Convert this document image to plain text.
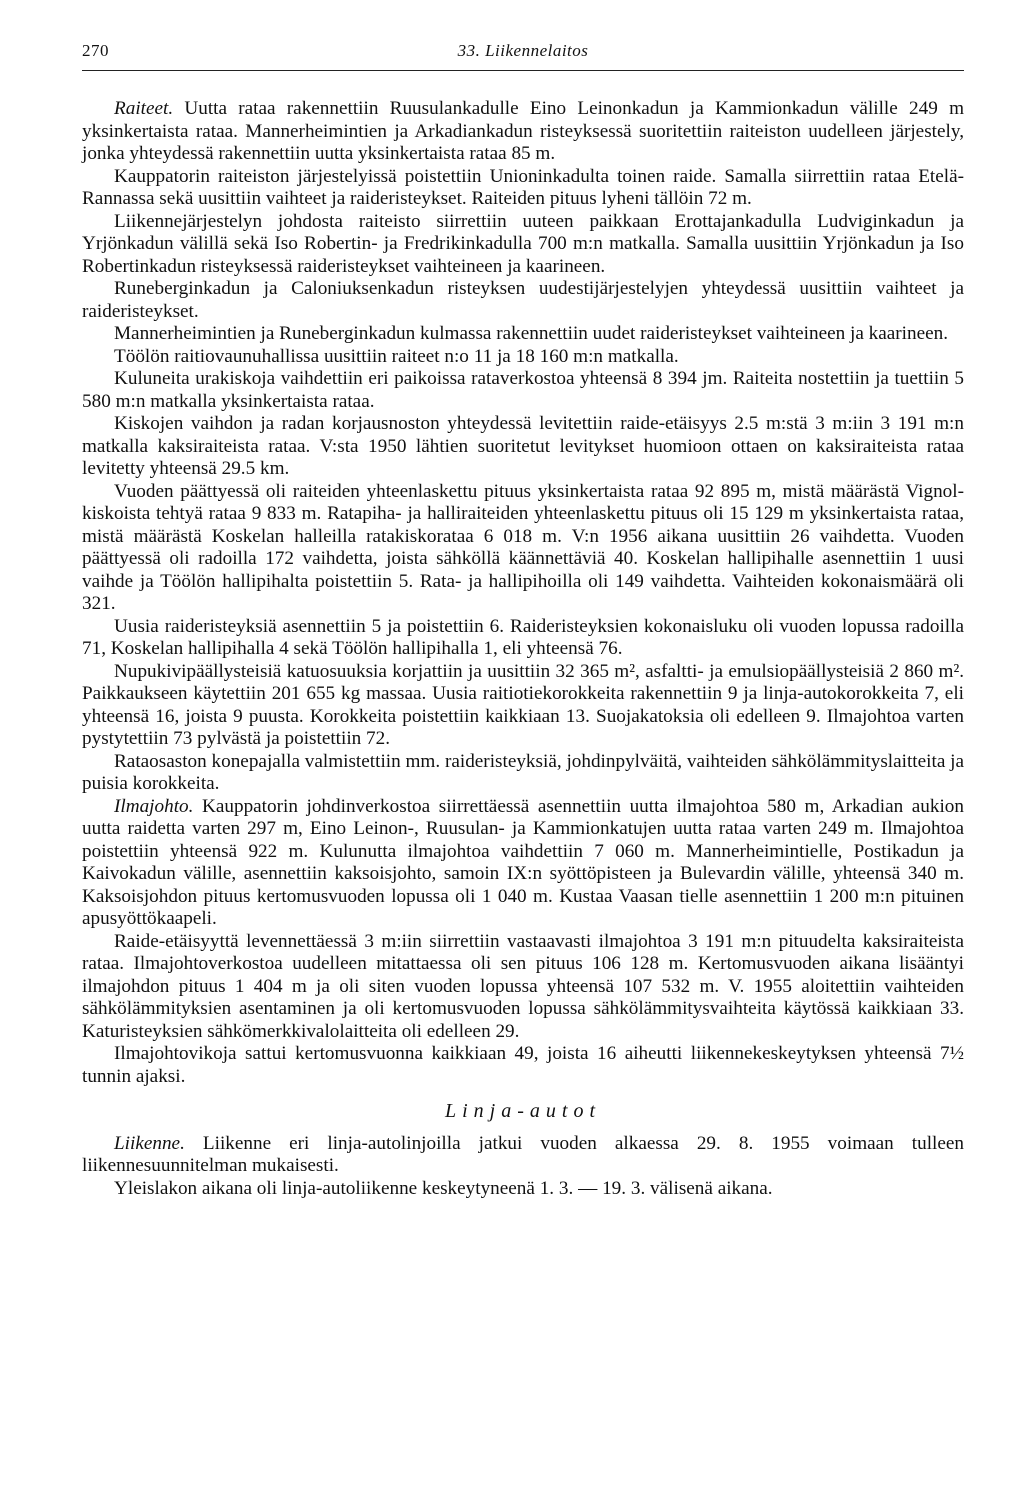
270	33. Liikennelaitos

Raiteet. Uutta rataa rakennettiin Ruusulankadulle Eino Leinonkadun ja Kammionkadun välille 249 m yksinkertaista rataa. Mannerheimintien ja Arkadiankadun risteyksessä suoritettiin raiteiston uudelleen järjestely, jonka yhteydessä rakennettiin uutta yksinkertaista rataa 85 m.

Kauppatorin raiteiston järjestelyissä poistettiin Unioninkadulta toinen raide. Samalla siirrettiin rataa Etelä-Rannassa sekä uusittiin vaihteet ja raideristeykset. Raiteiden pituus lyheni tällöin 72 m.

Liikennejärjestelyn johdosta raiteisto siirrettiin uuteen paikkaan Erottajankadulla Ludviginkadun ja Yrjönkadun välillä sekä Iso Robertin- ja Fredrikinkadulla 700 m:n matkalla. Samalla uusittiin Yrjönkadun ja Iso Robertinkadun risteyksessä raideristeykset vaihteineen ja kaarineen.

Runeberginkadun ja Caloniuksenkadun risteyksen uudestijärjestelyjen yhteydessä uusittiin vaihteet ja raideristeykset.

Mannerheimintien ja Runeberginkadun kulmassa rakennettiin uudet raideristeykset vaihteineen ja kaarineen.

Töölön raitiovaunuhallissa uusittiin raiteet n:o 11 ja 18 160 m:n matkalla.

Kuluneita urakiskoja vaihdettiin eri paikoissa rataverkostoa yhteensä 8 394 jm. Raiteita nostettiin ja tuettiin 5 580 m:n matkalla yksinkertaista rataa.

Kiskojen vaihdon ja radan korjausnoston yhteydessä levitettiin raide-etäisyys 2.5 m:stä 3 m:iin 3 191 m:n matkalla kaksiraiteista rataa. V:sta 1950 lähtien suoritetut levitykset huomioon ottaen on kaksiraiteista rataa levitetty yhteensä 29.5 km.

Vuoden päättyessä oli raiteiden yhteenlaskettu pituus yksinkertaista rataa 92 895 m, mistä määrästä Vignol-kiskoista tehtyä rataa 9 833 m. Ratapiha- ja halliraiteiden yhteenlaskettu pituus oli 15 129 m yksinkertaista rataa, mistä määrästä Koskelan halleilla ratakiskorataa 6 018 m. V:n 1956 aikana uusittiin 26 vaihdetta. Vuoden päättyessä oli radoilla 172 vaihdetta, joista sähköllä käännettäviä 40. Koskelan hallipihalle asennettiin 1 uusi vaihde ja Töölön hallipihalta poistettiin 5. Rata- ja hallipihoilla oli 149 vaihdetta. Vaihteiden kokonaismäärä oli 321.

Uusia raideristeyksiä asennettiin 5 ja poistettiin 6. Raideristeyksien kokonaisluku oli vuoden lopussa radoilla 71, Koskelan hallipihalla 4 sekä Töölön hallipihalla 1, eli yhteensä 76.

Nupukivipäällysteisiä katuosuuksia korjattiin ja uusittiin 32 365 m², asfaltti- ja emulsiopäällysteisiä 2 860 m². Paikkaukseen käytettiin 201 655 kg massaa. Uusia raitiotiekorokkeita rakennettiin 9 ja linja-autokorokkeita 7, eli yhteensä 16, joista 9 puusta. Korokkeita poistettiin kaikkiaan 13. Suojakatoksia oli edelleen 9. Ilmajohtoa varten pystytettiin 73 pylvästä ja poistettiin 72.

Rataosaston konepajalla valmistettiin mm. raideristeyksiä, johdinpylväitä, vaihteiden sähkölämmityslaitteita ja puisia korokkeita.

Ilmajohto. Kauppatorin johdinverkostoa siirrettäessä asennettiin uutta ilmajohtoa 580 m, Arkadian aukion uutta raidetta varten 297 m, Eino Leinon-, Ruusulan- ja Kammionkatujen uutta rataa varten 249 m. Ilmajohtoa poistettiin yhteensä 922 m. Kulunutta ilmajohtoa vaihdettiin 7 060 m. Mannerheimintielle, Postikadun ja Kaivokadun välille, asennettiin kaksoisjohto, samoin IX:n syöttöpisteen ja Bulevardin välille, yhteensä 340 m. Kaksoisjohdon pituus kertomusvuoden lopussa oli 1 040 m. Kustaa Vaasan tielle asennettiin 1 200 m:n pituinen apusyöttökaapeli.

Raide-etäisyyttä levennettäessä 3 m:iin siirrettiin vastaavasti ilmajohtoa 3 191 m:n pituudelta kaksiraiteista rataa. Ilmajohtoverkostoa uudelleen mitattaessa oli sen pituus 106 128 m. Kertomusvuoden aikana lisääntyi ilmajohdon pituus 1 404 m ja oli siten vuoden lopussa yhteensä 107 532 m. V. 1955 aloitettiin vaihteiden sähkölämmityksien asentaminen ja oli kertomusvuoden lopussa sähkölämmitysvaihteita käytössä kaikkiaan 33. Katuristeyksien sähkömerkkivalolaitteita oli edelleen 29.

Ilmajohtovikoja sattui kertomusvuonna kaikkiaan 49, joista 16 aiheutti liikennekeskeytyksen yhteensä 7½ tunnin ajaksi.

Linja-autot

Liikenne. Liikenne eri linja-autolinjoilla jatkui vuoden alkaessa 29. 8. 1955 voimaan tulleen liikennesuunnitelman mukaisesti.

Yleislakon aikana oli linja-autoliikenne keskeytyneenä 1. 3. — 19. 3. välisenä aikana.
